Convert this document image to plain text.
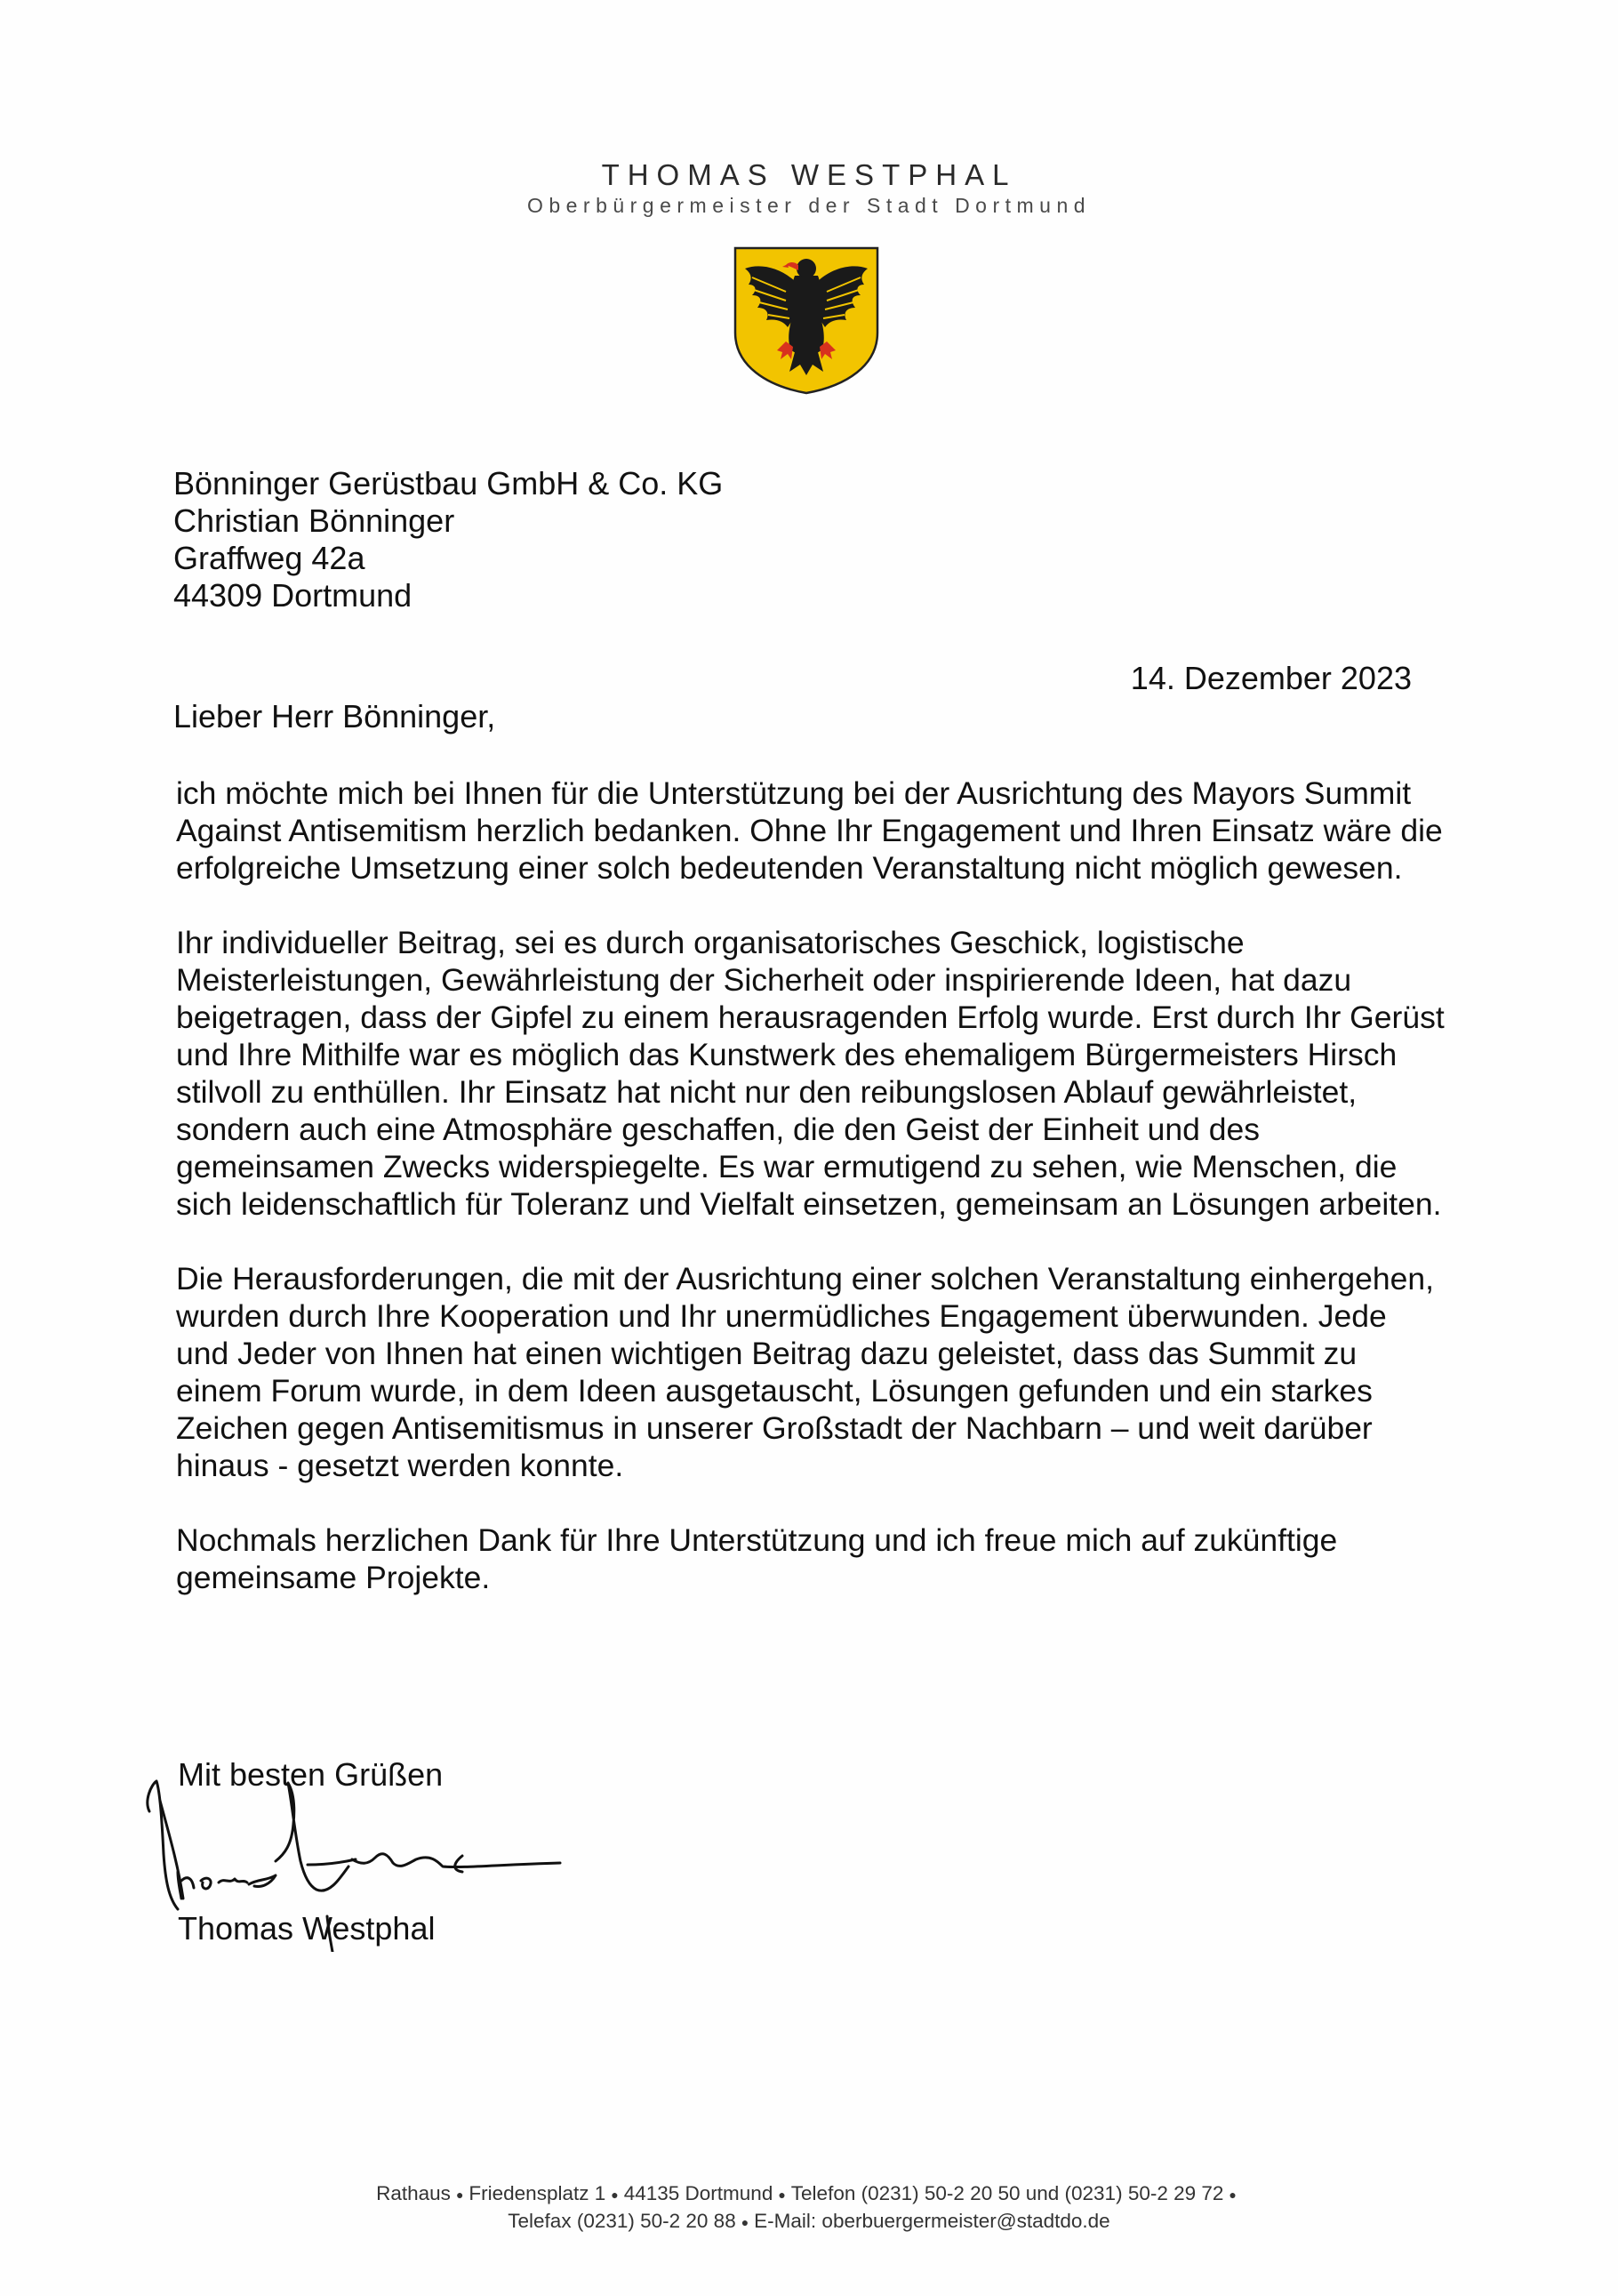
THOMAS WESTPHAL
Oberbürgermeister der Stadt Dortmund
Bönninger Gerüstbau GmbH & Co. KG
Christian Bönninger
Graffweg 42a
44309 Dortmund
14. Dezember 2023
Lieber Herr Bönninger,

ich möchte mich bei Ihnen für die Unterstützung bei der Ausrichtung des Mayors Summit Against Antisemitism herzlich bedanken. Ohne Ihr Engagement und Ihren Einsatz wäre die erfolgreiche Umsetzung einer solch bedeutenden Veranstaltung nicht möglich gewesen.

Ihr individueller Beitrag, sei es durch organisatorisches Geschick, logistische Meisterleistungen, Gewährleistung der Sicherheit oder inspirierende Ideen, hat dazu beigetragen, dass der Gipfel zu einem herausragenden Erfolg wurde. Erst durch Ihr Gerüst und Ihre Mithilfe war es möglich das Kunstwerk des ehemaligem Bürgermeisters Hirsch stilvoll zu enthüllen. Ihr Einsatz hat nicht nur den reibungslosen Ablauf gewährleistet, sondern auch eine Atmosphäre geschaffen, die den Geist der Einheit und des gemeinsamen Zwecks widerspiegelte. Es war ermutigend zu sehen, wie Menschen, die sich leidenschaftlich für Toleranz und Vielfalt einsetzen, gemeinsam an Lösungen arbeiten.

Die Herausforderungen, die mit der Ausrichtung einer solchen Veranstaltung einhergehen, wurden durch Ihre Kooperation und Ihr unermüdliches Engagement überwunden. Jede und Jeder von Ihnen hat einen wichtigen Beitrag dazu geleistet, dass das Summit zu einem Forum wurde, in dem Ideen ausgetauscht, Lösungen gefunden und ein starkes Zeichen gegen Antisemitismus in unserer Großstadt der Nachbarn – und weit darüber hinaus - gesetzt werden konnte.

Nochmals herzlichen Dank für Ihre Unterstützung und ich freue mich auf zukünftige gemeinsame Projekte.

Mit besten Grüßen
Thomas Westphal
Rathaus ● Friedensplatz 1 ● 44135 Dortmund ● Telefon (0231) 50-2 20 50 und (0231) 50-2 29 72 ●
Telefax (0231) 50-2 20 88 ● E-Mail: oberbuergermeister@stadtdo.de
